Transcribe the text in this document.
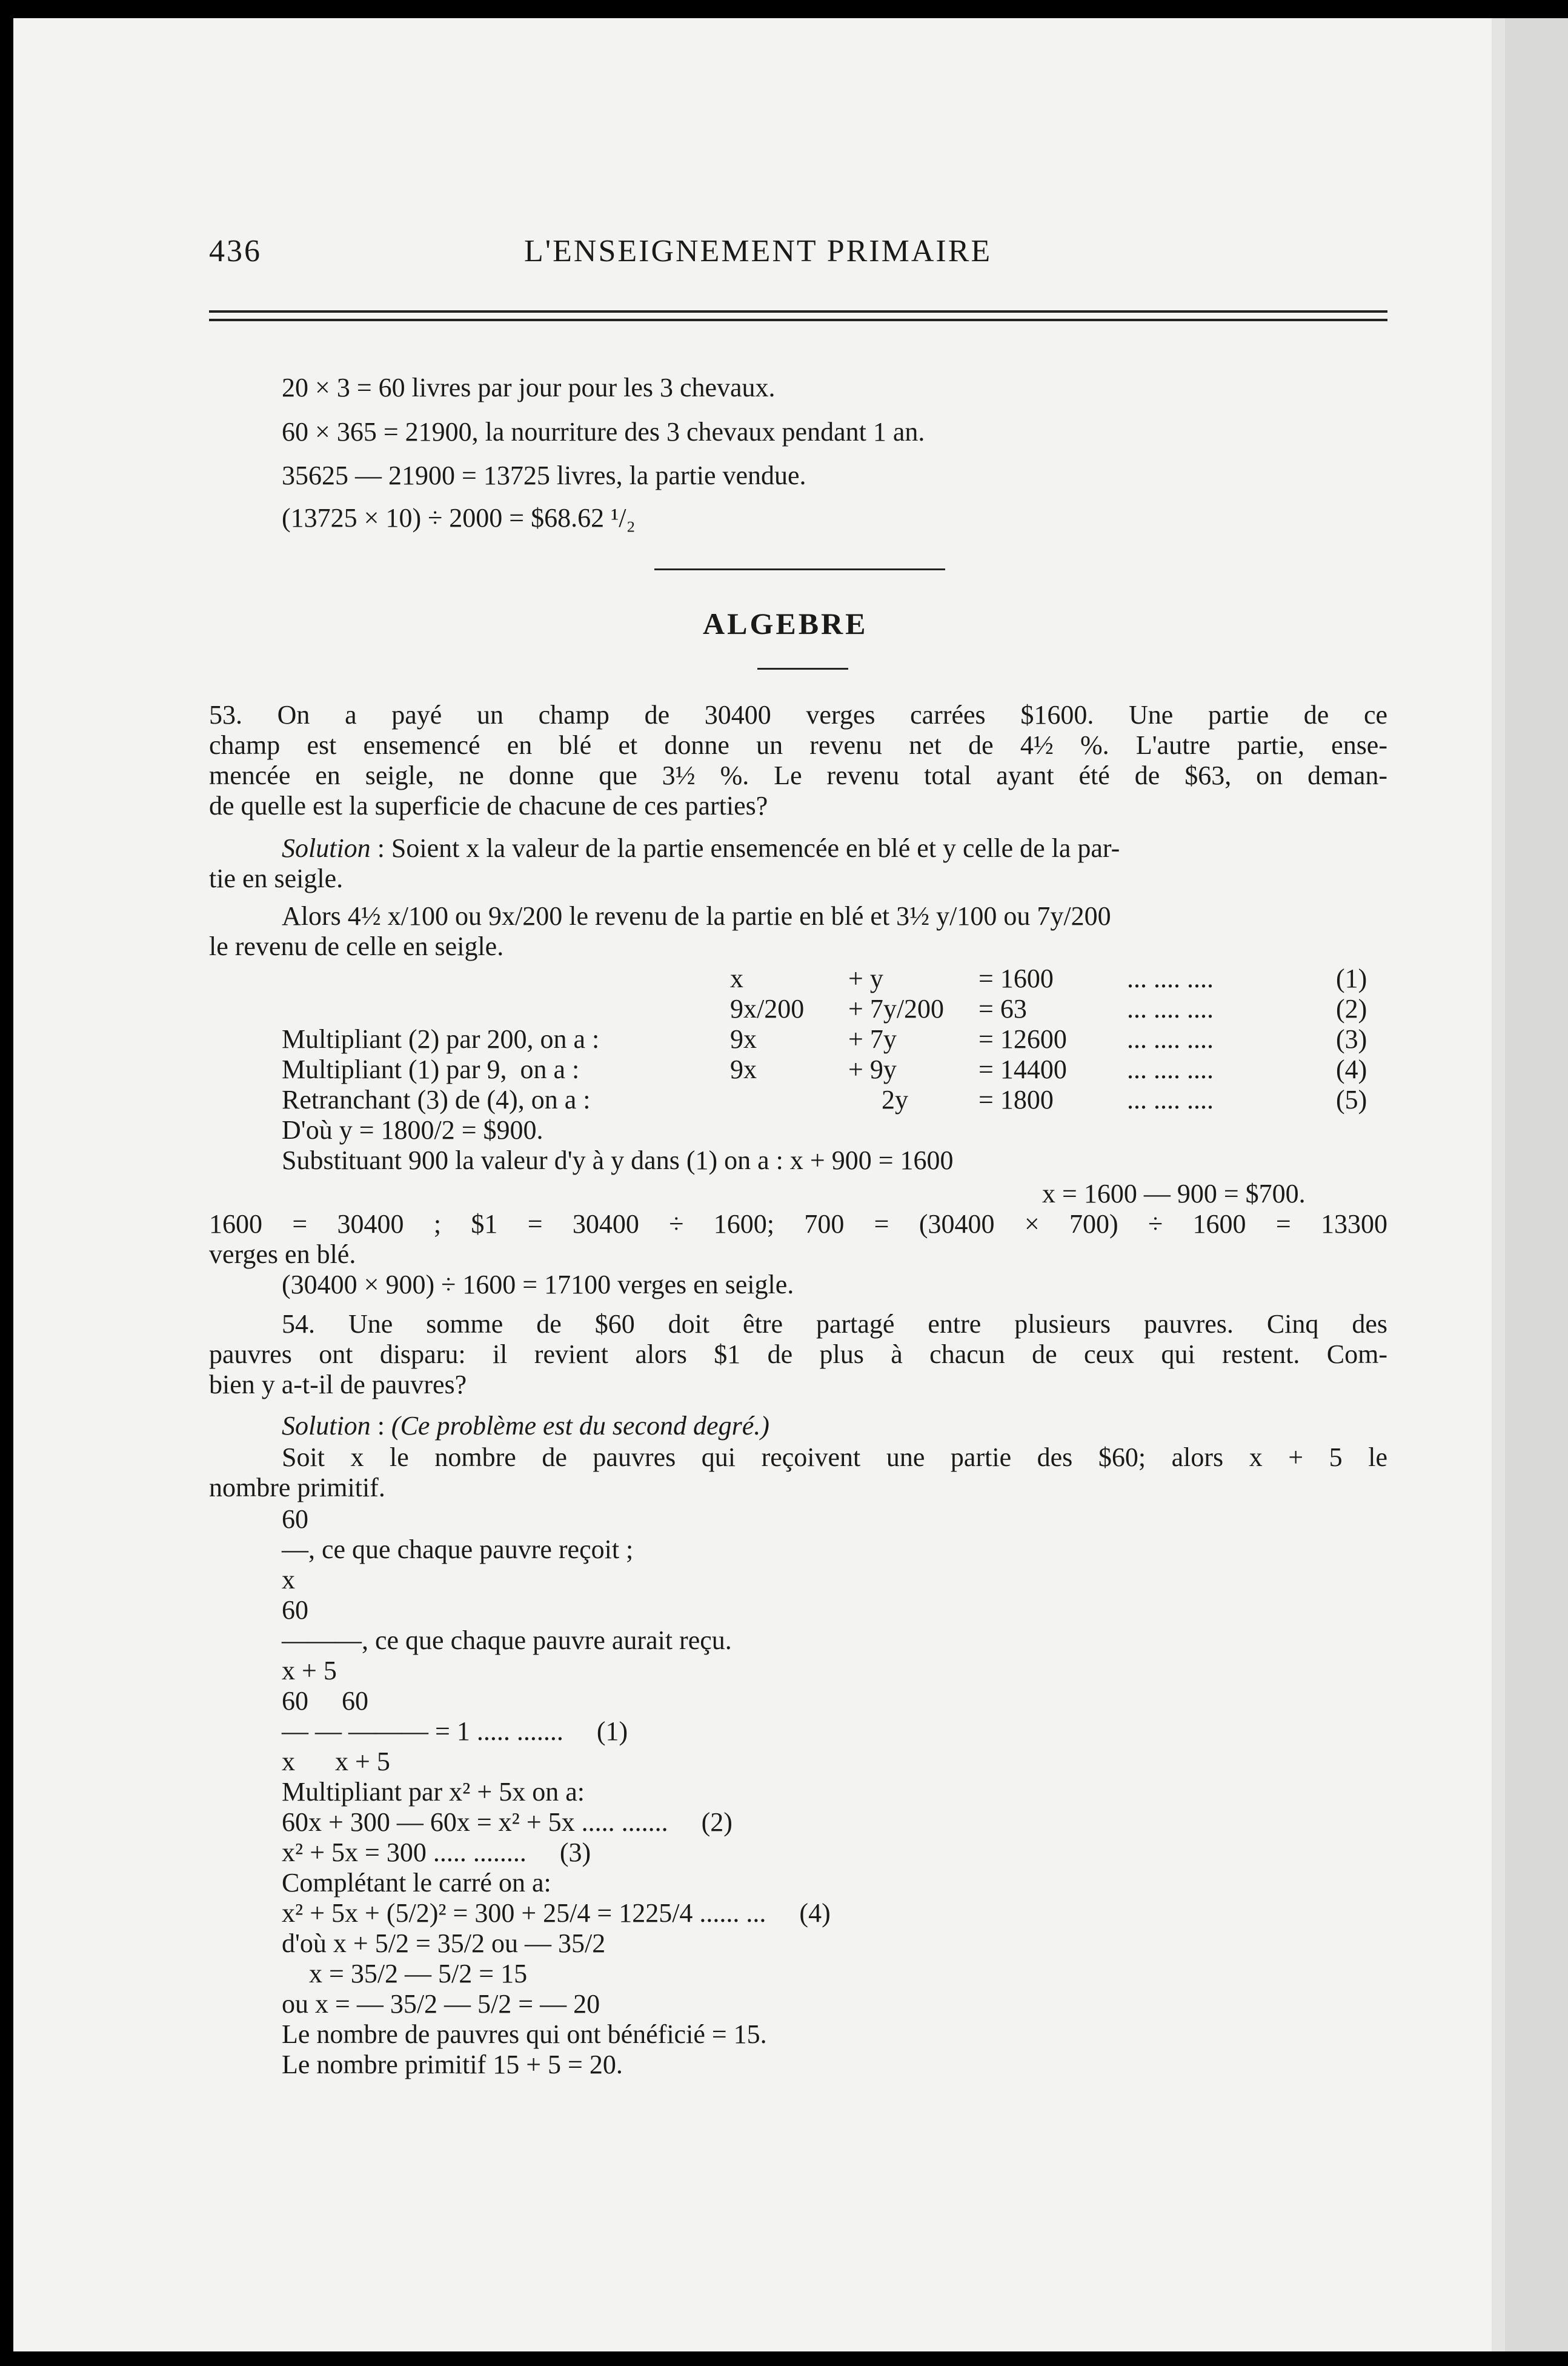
436	L'ENSEIGNEMENT PRIMAIRE
20 × 3 = 60 livres par jour pour les 3 chevaux.
60 × 365 = 21900, la nourriture des 3 chevaux pendant 1 an.
35625 — 21900 = 13725 livres, la partie vendue.
(13725 × 10) ÷ 2000 = $68.62 ¹/₂
ALGEBRE
53. On a payé un champ de 30400 verges carrées $1600. Une partie de ce
champ est ensemencé en blé et donne un revenu net de 4½ %. L'autre partie, ense-
mencée en seigle, ne donne que 3½ %. Le revenu total ayant été de $63, on deman-
de quelle est la superficie de chacune de ces parties?
Solution : Soient x la valeur de la partie ensemencée en blé et y celle de la par-
tie en seigle.
Alors 4½ x/100 ou 9x/200 le revenu de la partie en blé et 3½ y/100 ou 7y/200
le revenu de celle en seigle.
x	+ y	= 1600	... .... ....	(1)
9x/200 + 7y/200 = 63	... .... ....	(2)
Multipliant (2) par 200, on a :	9x	+ 7y	= 12600 ... .... ....	(3)
Multipliant (1) par 9,  on a :	9x	+ 9y	= 14400 ... .... ....	(4)
Retranchant (3) de (4), on a :	2y	= 1800	... .... ....	(5)
D'où y = 1800/2 = $900.
Substituant 900 la valeur d'y à y dans (1) on a : x + 900 = 1600
x = 1600 — 900 = $700.
1600 = 30400 ; $1 = 30400 ÷ 1600; 700 = (30400 × 700) ÷ 1600 = 13300
verges en blé.
(30400 × 900) ÷ 1600 = 17100 verges en seigle.
54. Une somme de $60 doit être partagé entre plusieurs pauvres. Cinq des
pauvres ont disparu: il revient alors $1 de plus à chacun de ceux qui restent. Com-
bien y a-t-il de pauvres?
Solution : (Ce problème est du second degré.)
Soit x le nombre de pauvres qui reçoivent une partie des $60; alors x + 5 le
nombre primitif.
60
—, ce que chaque pauvre reçoit ;
x
60
———, ce que chaque pauvre aurait reçu.
x + 5
60     60
— — ——— = 1 ..... .......     (1)
x      x + 5
Multipliant par x² + 5x on a:
60x + 300 — 60x = x² + 5x ..... .......     (2)
x² + 5x = 300 ..... ........     (3)
Complétant le carré on a:
x² + 5x + (5/2)² = 300 + 25/4 = 1225/4 ...... ...     (4)
d'où x + 5/2 = 35/2 ou — 35/2
x = 35/2 — 5/2 = 15
ou x = — 35/2 — 5/2 = — 20
Le nombre de pauvres qui ont bénéficié = 15.
Le nombre primitif 15 + 5 = 20.
